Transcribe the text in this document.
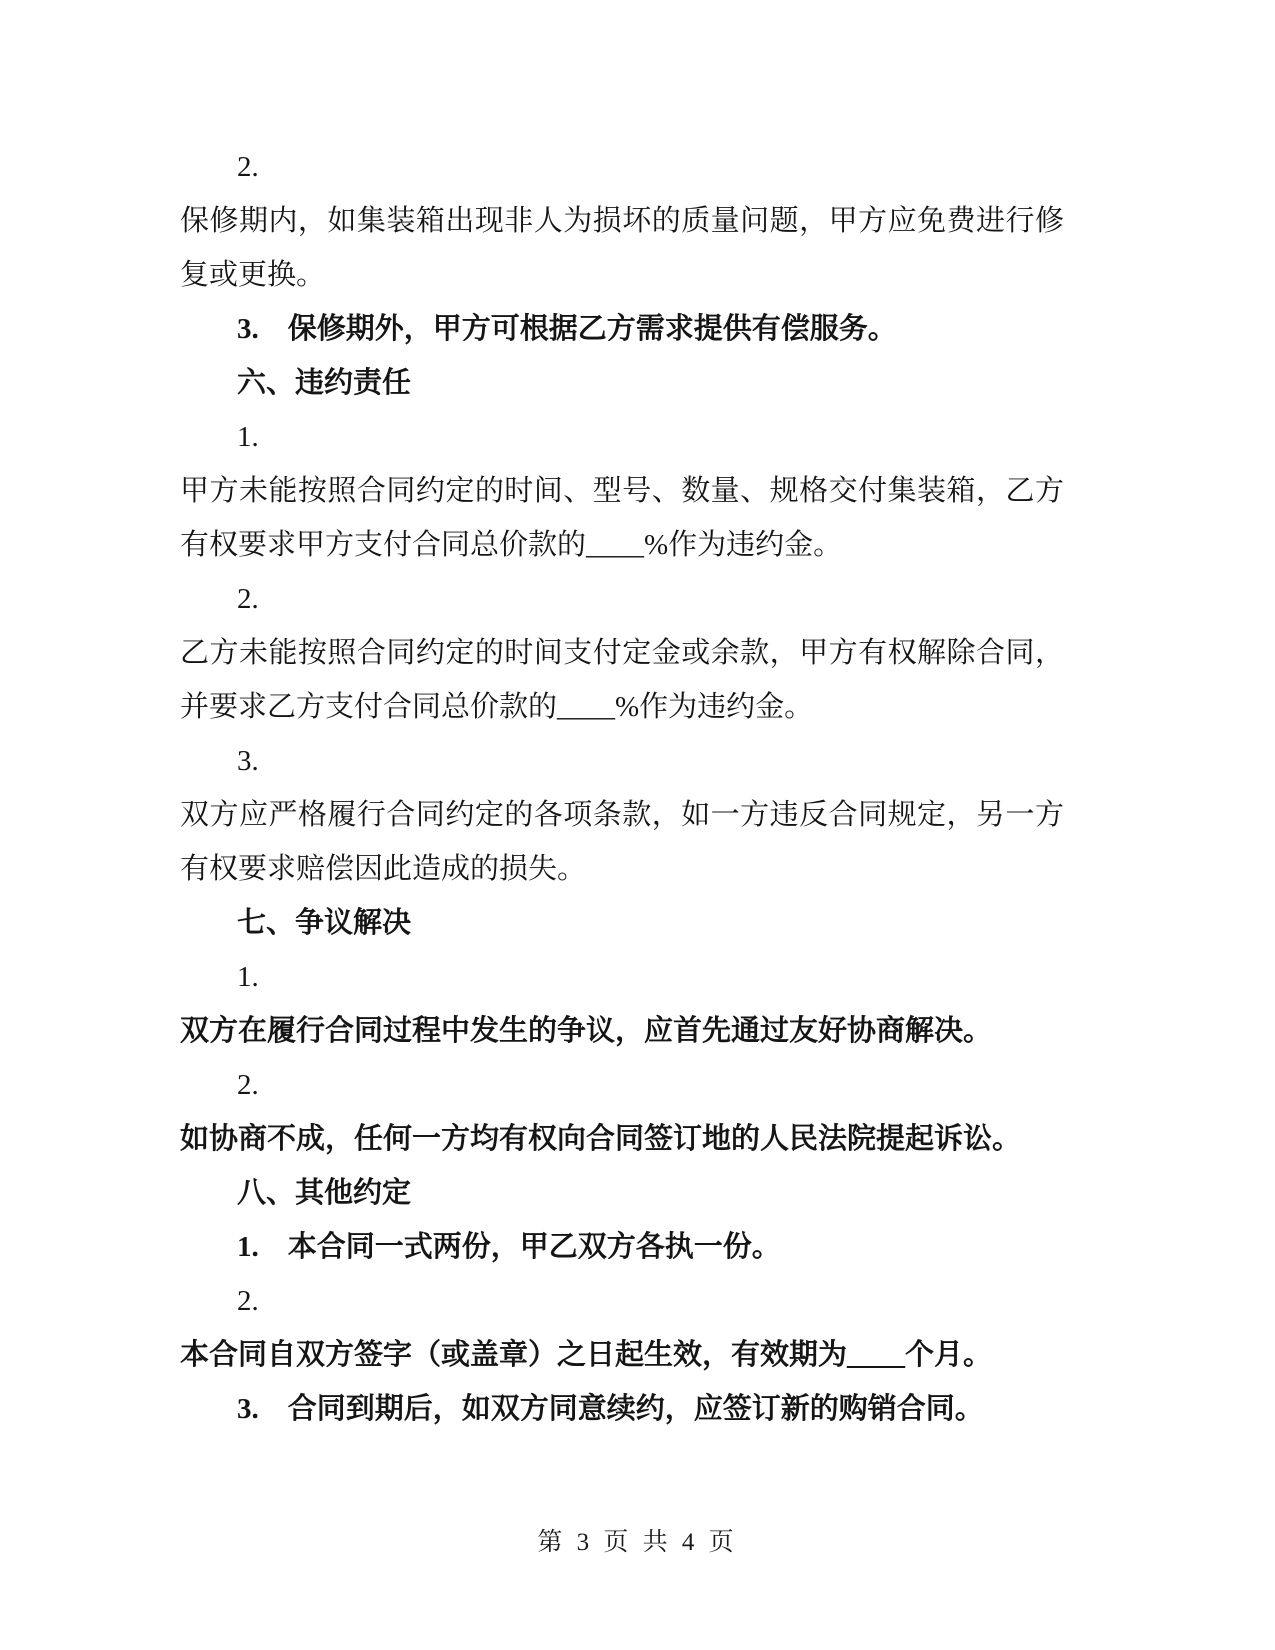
2.

保修期内，如集装箱出现非人为损坏的质量问题，甲方应免费进行修复或更换。

3.　保修期外，甲方可根据乙方需求提供有偿服务。

六、违约责任

1.

甲方未能按照合同约定的时间、型号、数量、规格交付集装箱，乙方有权要求甲方支付合同总价款的____%作为违约金。

2.

乙方未能按照合同约定的时间支付定金或余款，甲方有权解除合同，并要求乙方支付合同总价款的____%作为违约金。

3.

双方应严格履行合同约定的各项条款，如一方违反合同规定，另一方有权要求赔偿因此造成的损失。

七、争议解决

1.

双方在履行合同过程中发生的争议，应首先通过友好协商解决。

2.

如协商不成，任何一方均有权向合同签订地的人民法院提起诉讼。

八、其他约定

1.　本合同一式两份，甲乙双方各执一份。

2.

本合同自双方签字（或盖章）之日起生效，有效期为____个月。

3.　合同到期后，如双方同意续约，应签订新的购销合同。

第 3 页 共 4 页
